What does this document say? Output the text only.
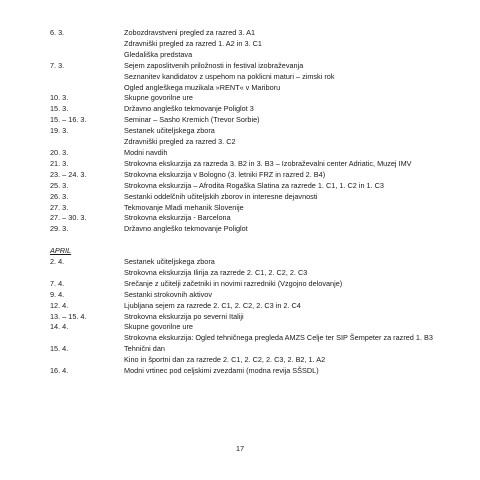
6. 3.	Zobozdravstveni pregled za razred 3. A1
Zdravniški pregled za razred 1. A2 in 3. C1
Gledališka predstava
7. 3.	Sejem zaposlitvenih priložnosti in festival izobraževanja
Seznanitev kandidatov z uspehom na poklicni maturi – zimski rok
Ogled angleškega muzikala »RENT« v Mariboru
10. 3.	Skupne govorilne ure
15. 3.	Državno angleško tekmovanje Poliglot 3
15. – 16. 3.	Seminar – Sasho Kremich (Trevor Sorbie)
19. 3.	Sestanek učiteljskega zbora
Zdravniški pregled za razred 3. C2
20. 3.	Modni navdih
21. 3.	Strokovna ekskurzija za razreda 3. B2 in 3. B3 – Izobraževalni center Adriatic, Muzej IMV
23. – 24. 3.	Strokovna ekskurzija v Bologno (3. letniki FRZ in razred 2. B4)
25. 3.	Strokovna ekskurzija – Afrodita Rogaška Slatina za razrede 1. C1, 1. C2 in 1. C3
26. 3.	Sestanki oddelčnih učiteljskih zborov in interesne dejavnosti
27. 3.	Tekmovanje Mladi mehanik Slovenije
27. – 30. 3.	Strokovna ekskurzija - Barcelona
29. 3.	Državno angleško tekmovanje Poliglot
APRIL
2. 4.	Sestanek učiteljskega zbora
Strokovna ekskurzija Ilirija za razrede 2. C1, 2. C2, 2. C3
7. 4.	Srečanje z učitelji začetniki in novimi razredniki (Vzgojno delovanje)
9. 4.	Sestanki strokovnih aktivov
12. 4.	Ljubljana sejem za razrede 2. C1, 2. C2, 2. C3 in 2. C4
13. – 15. 4.	Strokovna ekskurzija po severni Italiji
14. 4.	Skupne govorilne ure
Strokovna ekskurzija: Ogled tehničnega pregleda AMZS Celje ter SIP Šempeter za razred 1. B3
15. 4.	Tehnični dan
Kino in športni dan za razrede 2. C1, 2. C2, 2. C3, 2. B2, 1. A2
16. 4.	Modni vrtinec pod celjskimi zvezdami (modna revija SŠSDL)
17
